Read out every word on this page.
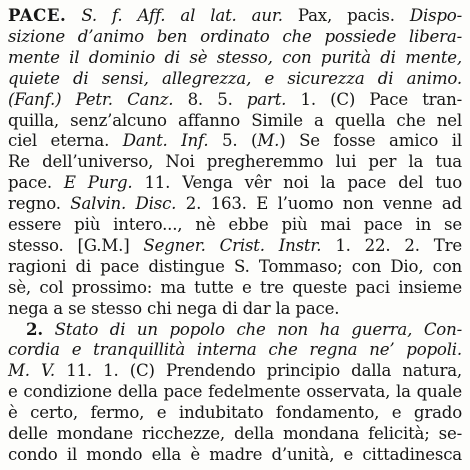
PACE. S. f. Aff. al lat. aur. Pax, pacis. Dispo-
sizione d’animo ben ordinato che possiede libera-
mente il dominio di sè stesso, con purità di mente,
quiete di sensi, allegrezza, e sicurezza di animo.
(Fanf.) Petr. Canz. 8. 5. part. 1. (C) Pace tran-
quilla, senz’alcuno affanno Simile a quella che nel
ciel eterna. Dant. Inf. 5. (M.) Se fosse amico il
Re dell’universo, Noi pregheremmo lui per la tua
pace. E Purg. 11. Venga vêr noi la pace del tuo
regno. Salvin. Disc. 2. 163. E l’uomo non venne ad
essere più intero..., nè ebbe più mai pace in se
stesso. [G.M.] Segner. Crist. Instr. 1. 22. 2. Tre
ragioni di pace distingue S. Tommaso; con Dio, con
sè, col prossimo: ma tutte e tre queste paci insieme
nega a se stesso chi nega di dar la pace.
2. Stato di un popolo che non ha guerra, Con-
cordia e tranquillità interna che regna ne’ popoli.
M. V. 11. 1. (C) Prendendo principio dalla natura,
e condizione della pace fedelmente osservata, la quale
è certo, fermo, e indubitato fondamento, e grado
delle mondane ricchezze, della mondana felicità; se-
condo il mondo ella è madre d’unità, e cittadinesca
